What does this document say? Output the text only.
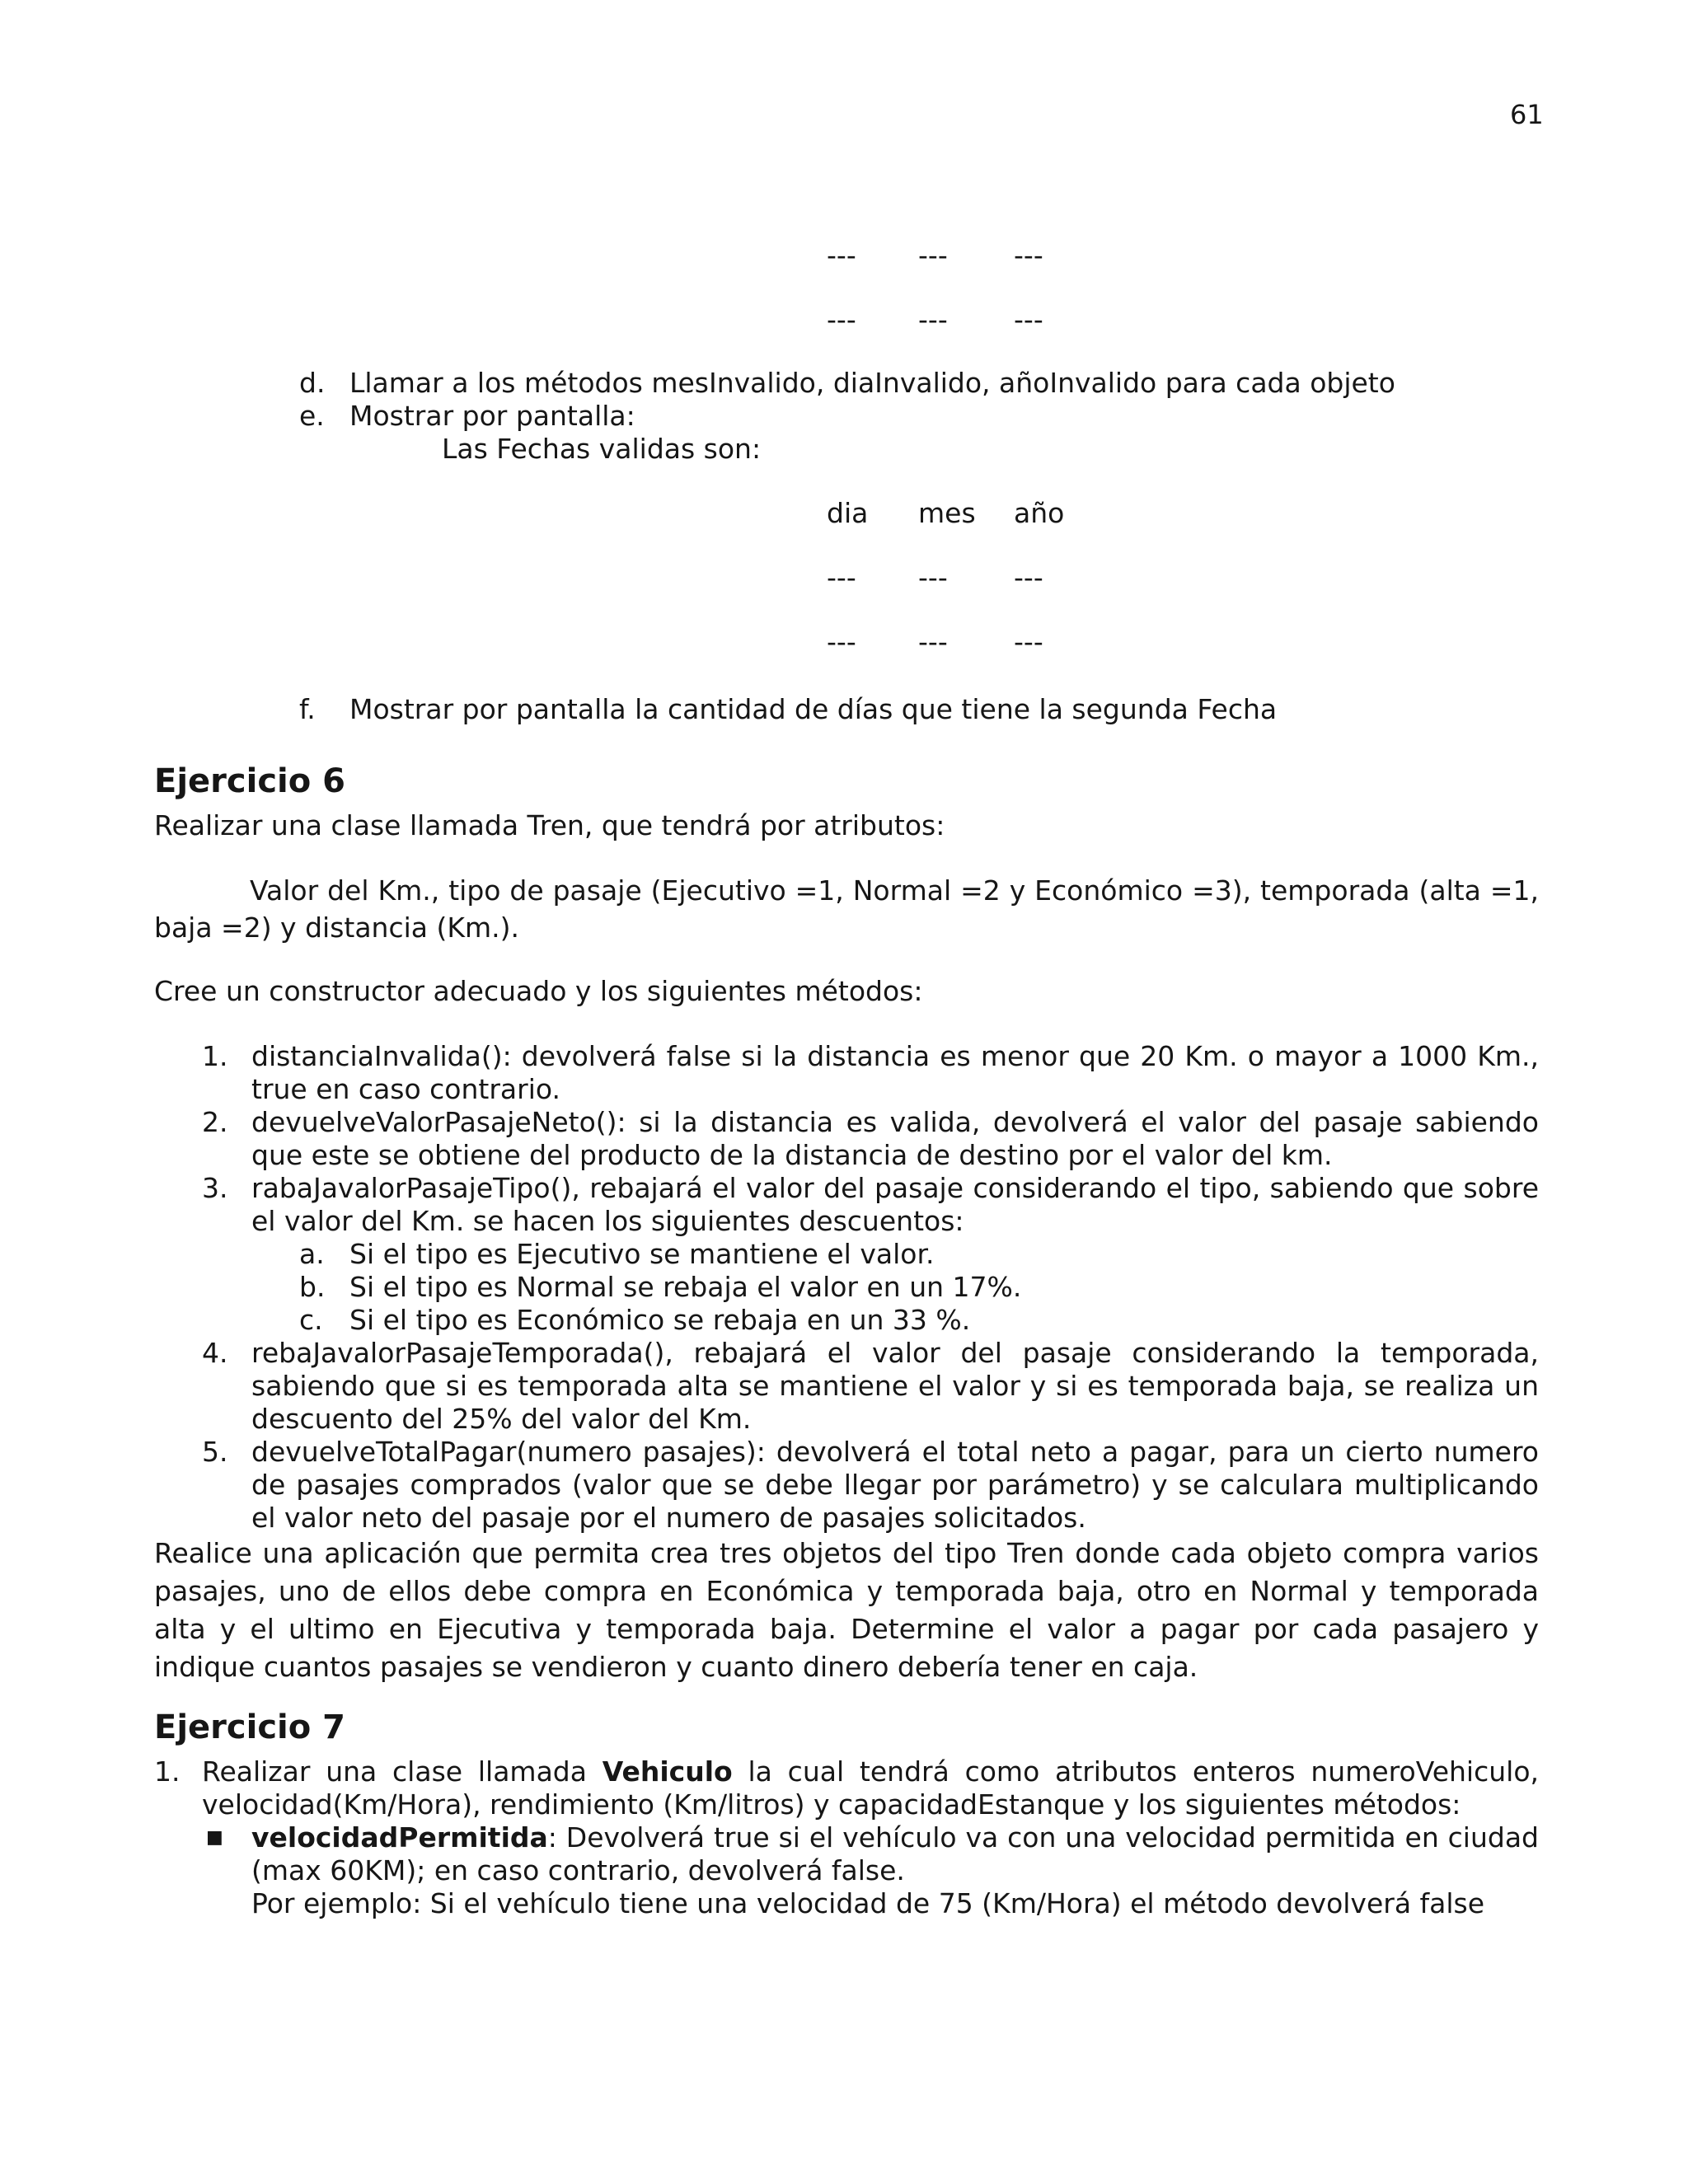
61
--- --- ---
--- --- ---
d. Llamar a los métodos mesInvalido, diaInvalido, añoInvalido para cada objeto
e. Mostrar por pantalla:
Las Fechas validas son:
dia mes año
--- --- ---
--- --- ---
f. Mostrar por pantalla la cantidad de días que tiene la segunda Fecha
Ejercicio 6
Realizar una clase llamada Tren, que tendrá por atributos:
Valor del Km., tipo de pasaje (Ejecutivo =1, Normal =2 y Económico =3), temporada (alta =1, baja =2) y distancia (Km.).
Cree un constructor adecuado y los siguientes métodos:
1. distanciaInvalida(): devolverá false si la distancia es menor que 20 Km. o mayor a 1000 Km., true en caso contrario.
2. devuelveValorPasajeNeto(): si la distancia es valida, devolverá el valor del pasaje sabiendo que este se obtiene del producto de la distancia de destino por el valor del km.
3. rabaJavalorPasajeTipo(), rebajará el valor del pasaje considerando el tipo, sabiendo que sobre el valor del Km. se hacen los siguientes descuentos:
a. Si el tipo es Ejecutivo se mantiene el valor.
b. Si el tipo es Normal se rebaja el valor en un 17%.
c. Si el tipo es Económico se rebaja en un 33 %.
4. rebaJavalorPasajeTemporada(), rebajará el valor del pasaje considerando la temporada, sabiendo que si es temporada alta se mantiene el valor y si es temporada baja, se realiza un descuento del 25% del valor del Km.
5. devuelveTotalPagar(numero pasajes): devolverá el total neto a pagar, para un cierto numero de pasajes comprados (valor que se debe llegar por parámetro) y se calculara multiplicando el valor neto del pasaje por el numero de pasajes solicitados.
Realice una aplicación que permita crea tres objetos del tipo Tren donde cada objeto compra varios pasajes, uno de ellos debe compra en Económica y temporada baja, otro en Normal y temporada alta y el ultimo en Ejecutiva y temporada baja. Determine el valor a pagar por cada pasajero y indique cuantos pasajes se vendieron y cuanto dinero debería tener en caja.
Ejercicio 7
1. Realizar una clase llamada Vehiculo la cual tendrá como atributos enteros numeroVehiculo, velocidad(Km/Hora), rendimiento (Km/litros) y capacidadEstanque y los siguientes métodos:
■ velocidadPermitida: Devolverá true si el vehículo va con una velocidad permitida en ciudad (max 60KM); en caso contrario, devolverá false.
Por ejemplo: Si el vehículo tiene una velocidad de 75 (Km/Hora) el método devolverá false
